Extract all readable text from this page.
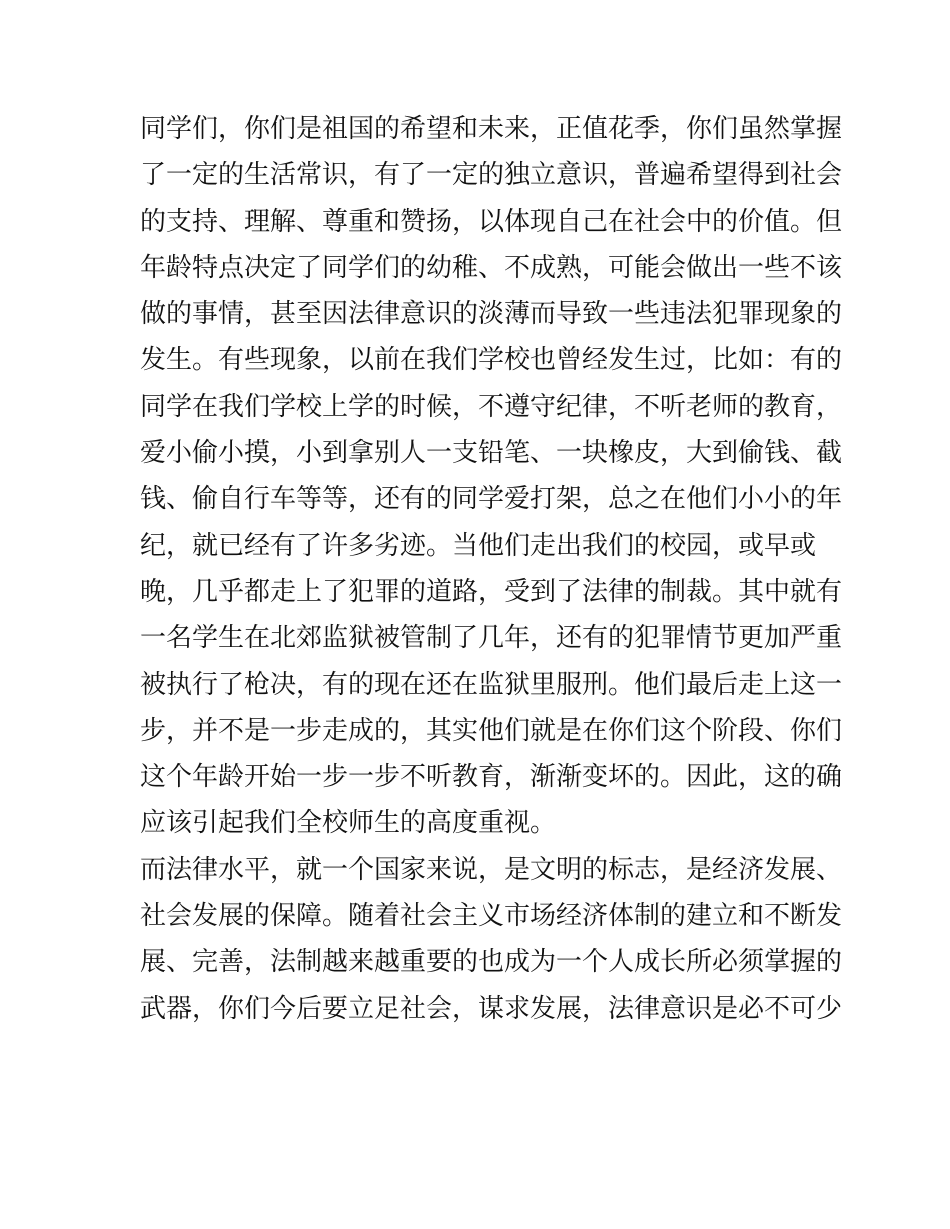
同学们，你们是祖国的希望和未来，正值花季，你们虽然掌握
了一定的生活常识，有了一定的独立意识，普遍希望得到社会
的支持、理解、尊重和赞扬，以体现自己在社会中的价值。但
年龄特点决定了同学们的幼稚、不成熟，可能会做出一些不该
做的事情，甚至因法律意识的淡薄而导致一些违法犯罪现象的
发生。有些现象，以前在我们学校也曾经发生过，比如：有的
同学在我们学校上学的时候，不遵守纪律，不听老师的教育，
爱小偷小摸，小到拿别人一支铅笔、一块橡皮，大到偷钱、截
钱、偷自行车等等，还有的同学爱打架，总之在他们小小的年
纪，就已经有了许多劣迹。当他们走出我们的校园，或早或
晚，几乎都走上了犯罪的道路，受到了法律的制裁。其中就有
一名学生在北郊监狱被管制了几年，还有的犯罪情节更加严重
被执行了枪决，有的现在还在监狱里服刑。他们最后走上这一
步，并不是一步走成的，其实他们就是在你们这个阶段、你们
这个年龄开始一步一步不听教育，渐渐变坏的。因此，这的确
应该引起我们全校师生的高度重视。
而法律水平，就一个国家来说，是文明的标志，是经济发展、
社会发展的保障。随着社会主义市场经济体制的建立和不断发
展、完善，法制越来越重要的也成为一个人成长所必须掌握的
武器，你们今后要立足社会，谋求发展，法律意识是必不可少
